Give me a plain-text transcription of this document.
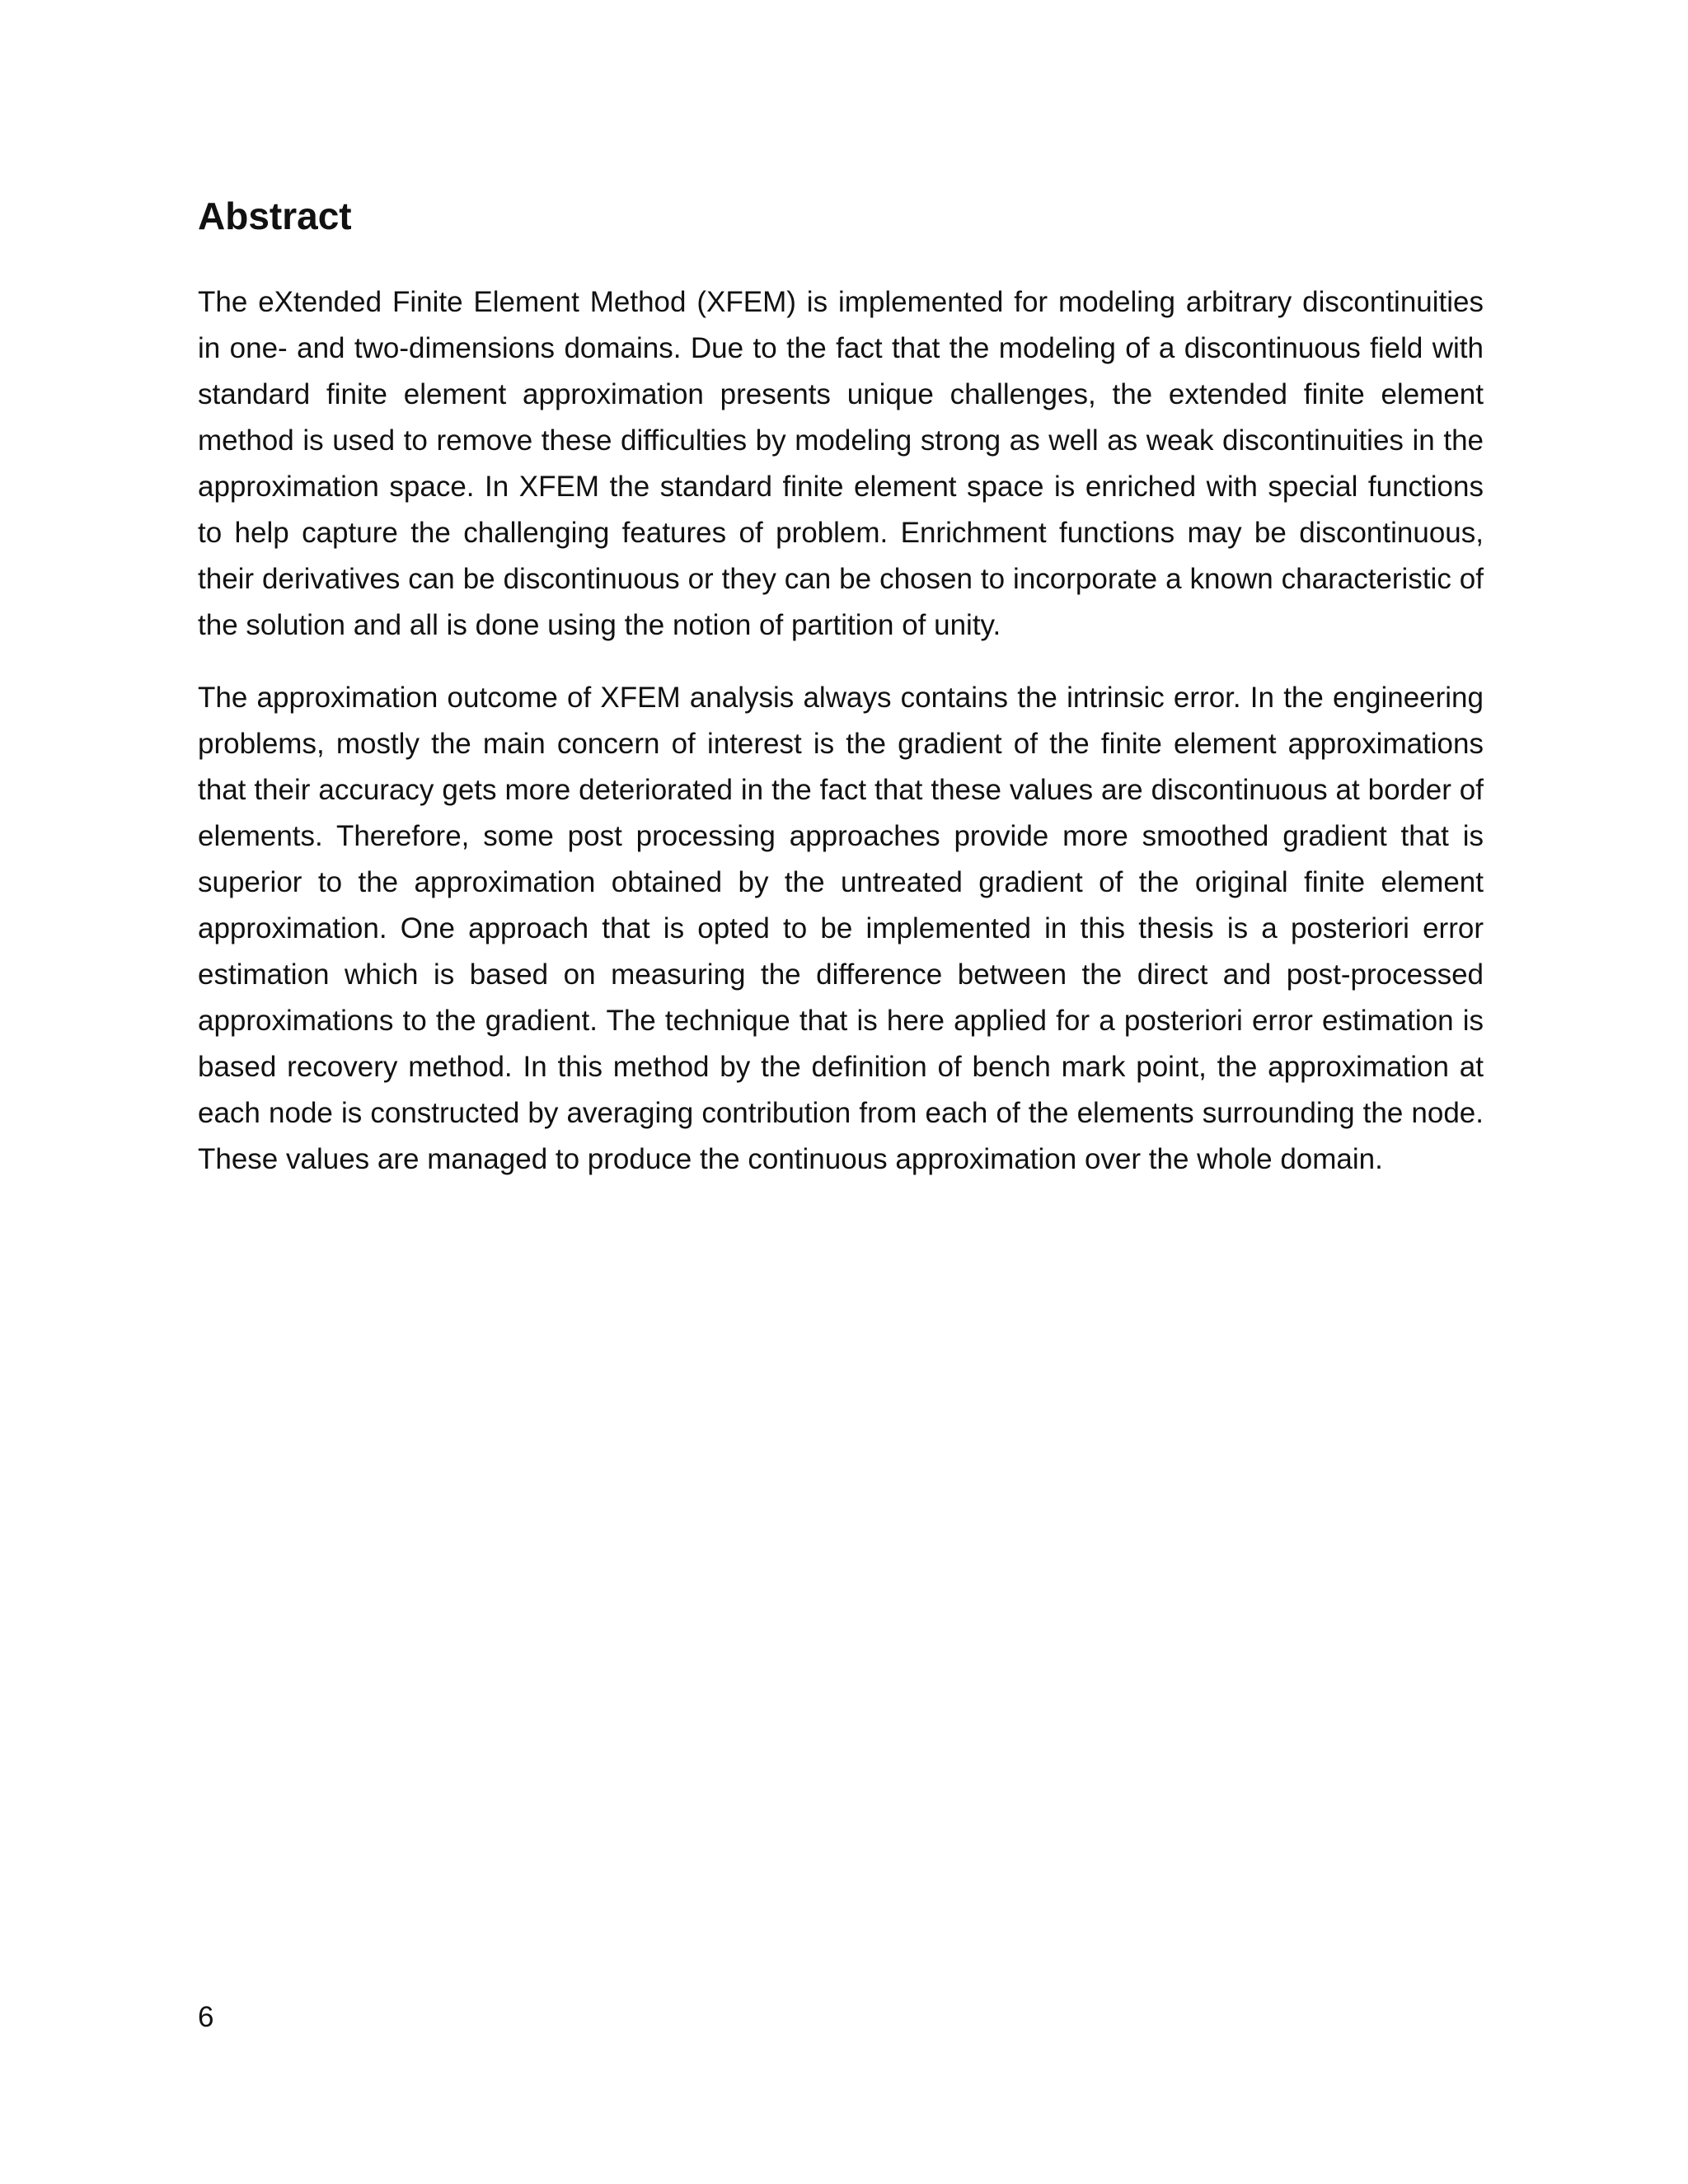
Abstract

The eXtended Finite Element Method (XFEM) is implemented for modeling arbitrary discontinuities in one- and two-dimensions domains. Due to the fact that the modeling of a discontinuous field with standard finite element approximation presents unique challenges, the extended finite element method is used to remove these difficulties by modeling strong as well as weak discontinuities in the approximation space. In XFEM the standard finite element space is enriched with special functions to help capture the challenging features of problem. Enrichment functions may be discontinuous, their derivatives can be discontinuous or they can be chosen to incorporate a known characteristic of the solution and all is done using the notion of partition of unity.

The approximation outcome of XFEM analysis always contains the intrinsic error. In the engineering problems, mostly the main concern of interest is the gradient of the finite element approximations that their accuracy gets more deteriorated in the fact that these values are discontinuous at border of elements. Therefore, some post processing approaches provide more smoothed gradient that is superior to the approximation obtained by the untreated gradient of the original finite element approximation. One approach that is opted to be implemented in this thesis is a posteriori error estimation which is based on measuring the difference between the direct and post-processed approximations to the gradient. The technique that is here applied for a posteriori error estimation is based recovery method. In this method by the definition of bench mark point, the approximation at each node is constructed by averaging contribution from each of the elements surrounding the node. These values are managed to produce the continuous approximation over the whole domain.

6
